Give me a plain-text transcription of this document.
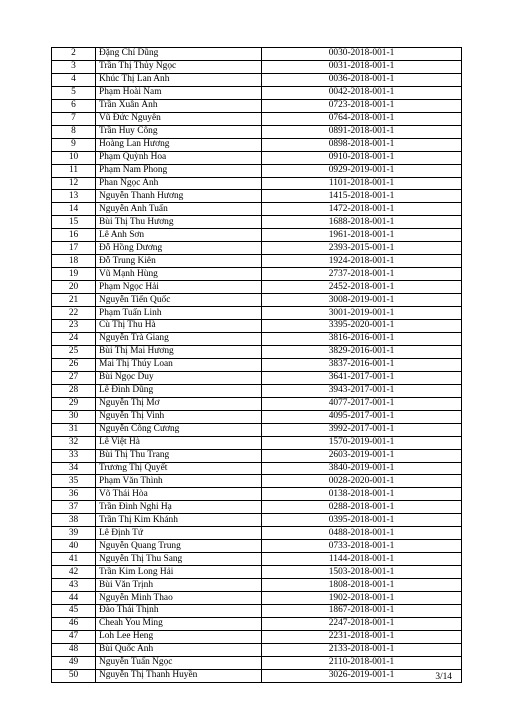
2	Đặng Chí Dũng	0030-2018-001-1
3	Trần Thị Thủy Ngọc	0031-2018-001-1
4	Khúc Thị Lan Anh	0036-2018-001-1
5	Phạm Hoài Nam	0042-2018-001-1
6	Trần Xuân Ánh	0723-2018-001-1
7	Vũ Đức Nguyên	0764-2018-001-1
8	Trần Huy Công	0891-2018-001-1
9	Hoàng Lan Hương	0898-2018-001-1
10	Phạm Quỳnh Hoa	0910-2018-001-1
11	Phạm Nam Phong	0929-2019-001-1
12	Phan Ngọc Anh	1101-2018-001-1
13	Nguyễn Thanh Hương	1415-2018-001-1
14	Nguyễn Anh Tuấn	1472-2018-001-1
15	Bùi Thị Thu Hương	1688-2018-001-1
16	Lê Anh Sơn	1961-2018-001-1
17	Đỗ Hồng Dương	2393-2015-001-1
18	Đỗ Trung Kiên	1924-2018-001-1
19	Vũ Mạnh Hùng	2737-2018-001-1
20	Phạm Ngọc Hải	2452-2018-001-1
21	Nguyễn Tiến Quốc	3008-2019-001-1
22	Phạm Tuấn Linh	3001-2019-001-1
23	Cù Thị Thu Hà	3395-2020-001-1
24	Nguyễn Trà Giang	3816-2016-001-1
25	Bùi Thị Mai Hương	3829-2016-001-1
26	Mai Thị Thúy Loan	3837-2016-001-1
27	Bùi Ngọc Duy	3641-2017-001-1
28	Lê Đình Dũng	3943-2017-001-1
29	Nguyễn Thị Mơ	4077-2017-001-1
30	Nguyễn Thị Vinh	4095-2017-001-1
31	Nguyễn Công Cương	3992-2017-001-1
32	Lê Việt Hà	1570-2019-001-1
33	Bùi Thị Thu Trang	2603-2019-001-1
34	Trương Thị Quyết	3840-2019-001-1
35	Phạm Văn Thình	0028-2020-001-1
36	Võ Thái Hòa	0138-2018-001-1
37	Trần Đình Nghi Hạ	0288-2018-001-1
38	Trần Thị Kim Khánh	0395-2018-001-1
39	Lê Định Tứ	0488-2018-001-1
40	Nguyễn Quang Trung	0733-2018-001-1
41	Nguyễn Thị Thu Sang	1144-2018-001-1
42	Trần Kim Long Hải	1503-2018-001-1
43	Bùi Văn Trịnh	1808-2018-001-1
44	Nguyễn Minh Thao	1902-2018-001-1
45	Đào Thái Thịnh	1867-2018-001-1
46	Cheah You Ming	2247-2018-001-1
47	Loh Lee Heng	2231-2018-001-1
48	Bùi Quốc Anh	2133-2018-001-1
49	Nguyễn Tuấn Ngọc	2110-2018-001-1
50	Nguyễn Thị Thanh Huyền	3026-2019-001-1	3/14
